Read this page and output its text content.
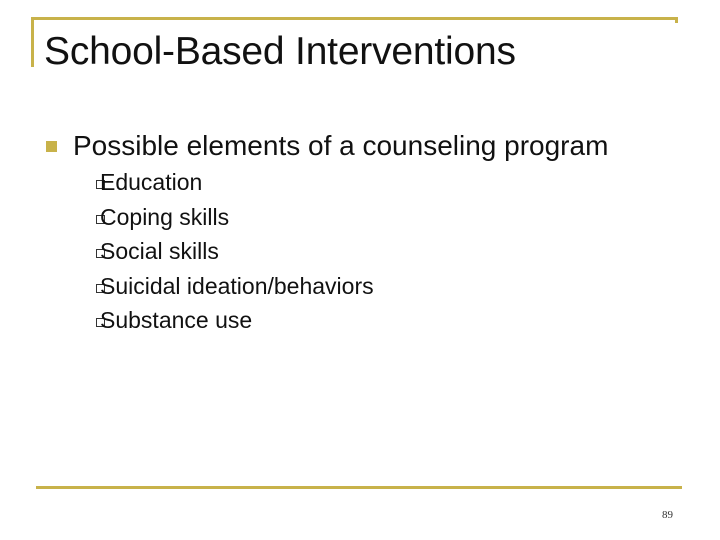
School-Based Interventions
Possible elements of a counseling program
Education
Coping skills
Social skills
Suicidal ideation/behaviors
Substance use
89
